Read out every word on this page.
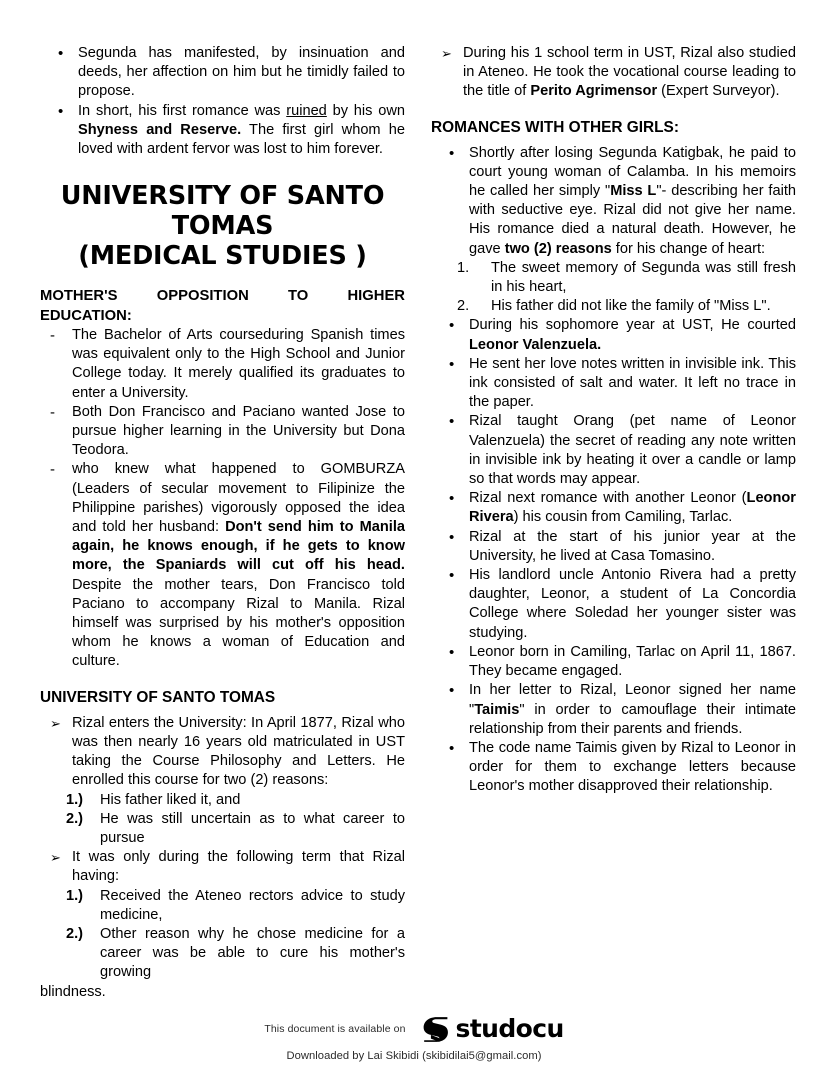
•
Segunda has manifested, by insinuation and deeds, her affection on him but he timidly failed to propose.
•
In short, his first romance was ruined by his own Shyness and Reserve. The first girl whom he loved with ardent fervor was lost to him forever.
UNIVERSITY OF SANTO TOMAS
(MEDICAL STUDIES )
MOTHER'S OPPOSITION TO HIGHER
EDUCATION:
-
The Bachelor of Arts courseduring Spanish times was equivalent only to the High School and Junior College today. It merely qualified its graduates to enter a University.
-
Both Don Francisco and Paciano wanted Jose to pursue higher learning in the University but Dona Teodora.
-
who knew what happened to GOMBURZA (Leaders of secular movement to Filipinize the Philippine parishes) vigorously opposed the idea and told her husband: Don't send him to Manila again, he knows enough, if he gets to know more, the Spaniards will cut off his head. Despite the mother tears, Don Francisco told Paciano to accompany Rizal to Manila. Rizal himself was surprised by his mother's opposition whom he knows a woman of Education and culture.
UNIVERSITY OF SANTO TOMAS
➢
Rizal enters the University: In April 1877, Rizal who was then nearly 16 years old matriculated in UST taking the Course Philosophy and Letters. He enrolled this course for two (2) reasons:
1.) His father liked it, and
2.) He was still uncertain as to what career to pursue
➢
It was only during the following term that Rizal having:
1.) Received the Ateneo rectors advice to study medicine,
2.) Other reason why he chose medicine for a career was be able to cure his mother's growing
blindness.
➢
During his 1 school term in UST, Rizal also studied in Ateneo. He took the vocational course leading to the title of Perito Agrimensor (Expert Surveyor).
ROMANCES WITH OTHER GIRLS:
•
Shortly after losing Segunda Katigbak, he paid to court young woman of Calamba. In his memoirs he called her simply "Miss L"- describing her faith with seductive eye. Rizal did not give her name. His romance died a natural death. However, he gave two (2) reasons for his change of heart:
1. The sweet memory of Segunda was still fresh in his heart,
2. His father did not like the family of "Miss L".
•
During his sophomore year at UST, He courted Leonor Valenzuela.
•
He sent her love notes written in invisible ink. This ink consisted of salt and water. It left no trace in the paper.
•
Rizal taught Orang (pet name of Leonor Valenzuela) the secret of reading any note written in invisible ink by heating it over a candle or lamp so that words may appear.
•
Rizal next romance with another Leonor (Leonor Rivera) his cousin from Camiling, Tarlac.
•
Rizal at the start of his junior year at the University, he lived at Casa Tomasino.
•
His landlord uncle Antonio Rivera had a pretty daughter, Leonor, a student of La Concordia College where Soledad her younger sister was studying.
•
Leonor born in Camiling, Tarlac on April 11, 1867. They became engaged.
•
In her letter to Rizal, Leonor signed her name "Taimis" in order to camouflage their intimate relationship from their parents and friends.
•
The code name Taimis given by Rizal to Leonor in order for them to exchange letters because Leonor's mother disapproved their relationship.
This document is available on studocu
Downloaded by Lai Skibidi (skibidilai5@gmail.com)
